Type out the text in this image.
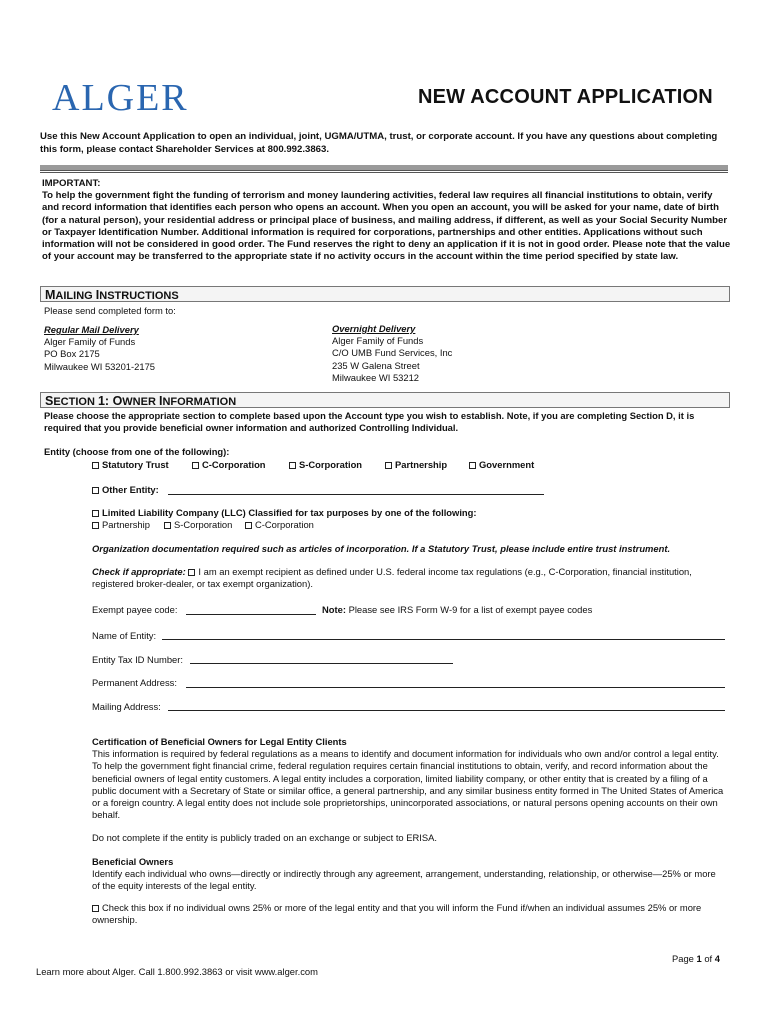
ALGER	NEW ACCOUNT APPLICATION
Use this New Account Application to open an individual, joint, UGMA/UTMA, trust, or corporate account. If you have any questions about completing this form, please contact Shareholder Services at 800.992.3863.
IMPORTANT:
To help the government fight the funding of terrorism and money laundering activities, federal law requires all financial institutions to obtain, verify and record information that identifies each person who opens an account. When you open an account, you will be asked for your name, date of birth (for a natural person), your residential address or principal place of business, and mailing address, if different, as well as your Social Security Number or Taxpayer Identification Number. Additional information is required for corporations, partnerships and other entities. Applications without such information will not be considered in good order. The Fund reserves the right to deny an application if it is not in good order. Please note that the value of your account may be transferred to the appropriate state if no activity occurs in the account within the time period specified by state law.
MAILING INSTRUCTIONS
Please send completed form to:
Regular Mail Delivery
Alger Family of Funds
PO Box 2175
Milwaukee WI 53201-2175
Overnight Delivery
Alger Family of Funds
C/O UMB Fund Services, Inc
235 W Galena Street
Milwaukee WI 53212
SECTION 1: OWNER INFORMATION
Please choose the appropriate section to complete based upon the Account type you wish to establish. Note, if you are completing Section D, it is required that you provide beneficial owner information and authorized Controlling Individual.
Entity (choose from one of the following):
Statutory Trust	C-Corporation	S-Corporation	Partnership	Government
Other Entity:
Limited Liability Company (LLC) Classified for tax purposes by one of the following:
Partnership	S-Corporation	C-Corporation
Organization documentation required such as articles of incorporation. If a Statutory Trust, please include entire trust instrument.
Check if appropriate: I am an exempt recipient as defined under U.S. federal income tax regulations (e.g., C-Corporation, financial institution, registered broker-dealer, or tax exempt organization).
Exempt payee code:	Note: Please see IRS Form W-9 for a list of exempt payee codes
Name of Entity:
Entity Tax ID Number:
Permanent Address:
Mailing Address:
Certification of Beneficial Owners for Legal Entity Clients
This information is required by federal regulations as a means to identify and document information for individuals who own and/or control a legal entity.
To help the government fight financial crime, federal regulation requires certain financial institutions to obtain, verify, and record information about the beneficial owners of legal entity customers. A legal entity includes a corporation, limited liability company, or other entity that is created by a filing of a public document with a Secretary of State or similar office, a general partnership, and any similar business entity formed in The United States of America or a foreign country. A legal entity does not include sole proprietorships, unincorporated associations, or natural persons opening accounts on their own behalf.
Do not complete if the entity is publicly traded on an exchange or subject to ERISA.
Beneficial Owners
Identify each individual who owns—directly or indirectly through any agreement, arrangement, understanding, relationship, or otherwise—25% or more of the equity interests of the legal entity.
Check this box if no individual owns 25% or more of the legal entity and that you will inform the Fund if/when an individual assumes 25% or more ownership.
Page 1 of 4
Learn more about Alger. Call 1.800.992.3863 or visit www.alger.com
